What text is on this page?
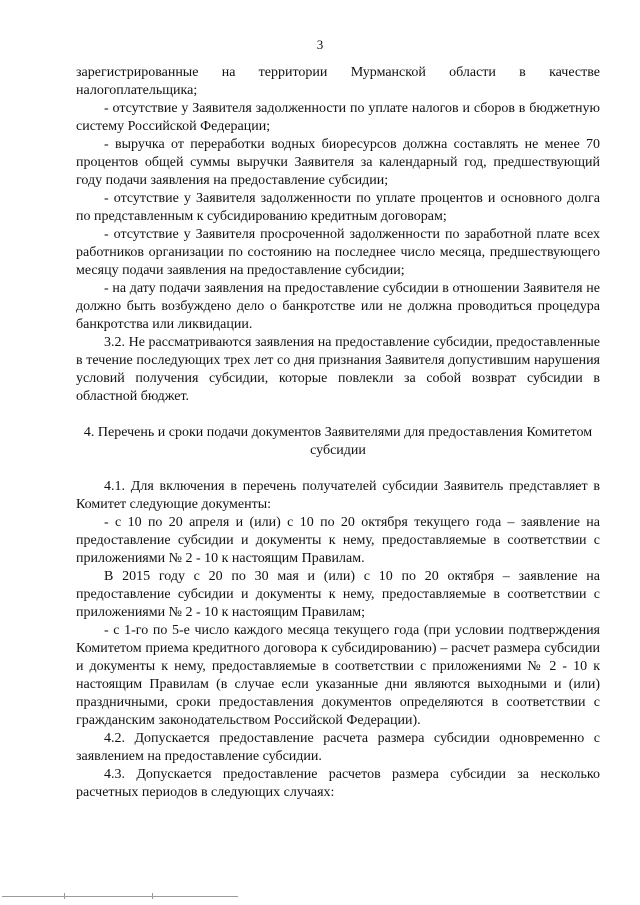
3

зарегистрированные на территории Мурманской области в качестве налогоплательщика;

- отсутствие у Заявителя задолженности по уплате налогов и сборов в бюджетную систему Российской Федерации;

- выручка от переработки водных биоресурсов должна составлять не менее 70 процентов общей суммы выручки Заявителя за календарный год, предшествующий году подачи заявления на предоставление субсидии;

- отсутствие у Заявителя задолженности по уплате процентов и основного долга по представленным к субсидированию кредитным договорам;

- отсутствие у Заявителя просроченной задолженности по заработной плате всех работников организации по состоянию на последнее число месяца, предшествующего месяцу подачи заявления на предоставление субсидии;

- на дату подачи заявления на предоставление субсидии в отношении Заявителя не должно быть возбуждено дело о банкротстве или не должна проводиться процедура банкротства или ликвидации.

3.2. Не рассматриваются заявления на предоставление субсидии, предоставленные в течение последующих трех лет со дня признания Заявителя допустившим нарушения условий получения субсидии, которые повлекли за собой возврат субсидии в областной бюджет.

4. Перечень и сроки подачи документов Заявителями для предоставления Комитетом субсидии

4.1. Для включения в перечень получателей субсидии Заявитель представляет в Комитет следующие документы:

- с 10 по 20 апреля и (или) с 10 по 20 октября текущего года – заявление на предоставление субсидии и документы к нему, предоставляемые в соответствии с приложениями № 2 - 10 к настоящим Правилам.

В 2015 году с 20 по 30 мая и (или) с 10 по 20 октября – заявление на предоставление субсидии и документы к нему, предоставляемые в соответствии с приложениями № 2 - 10 к настоящим Правилам;

- с 1-го по 5-е число каждого месяца текущего года (при условии подтверждения Комитетом приема кредитного договора к субсидированию) – расчет размера субсидии и документы к нему, предоставляемые в соответствии с приложениями № 2 - 10 к настоящим Правилам (в случае если указанные дни являются выходными и (или) праздничными, сроки предоставления документов определяются в соответствии с гражданским законодательством Российской Федерации).

4.2. Допускается предоставление расчета размера субсидии одновременно с заявлением на предоставление субсидии.

4.3. Допускается предоставление расчетов размера субсидии за несколько расчетных периодов в следующих случаях:
